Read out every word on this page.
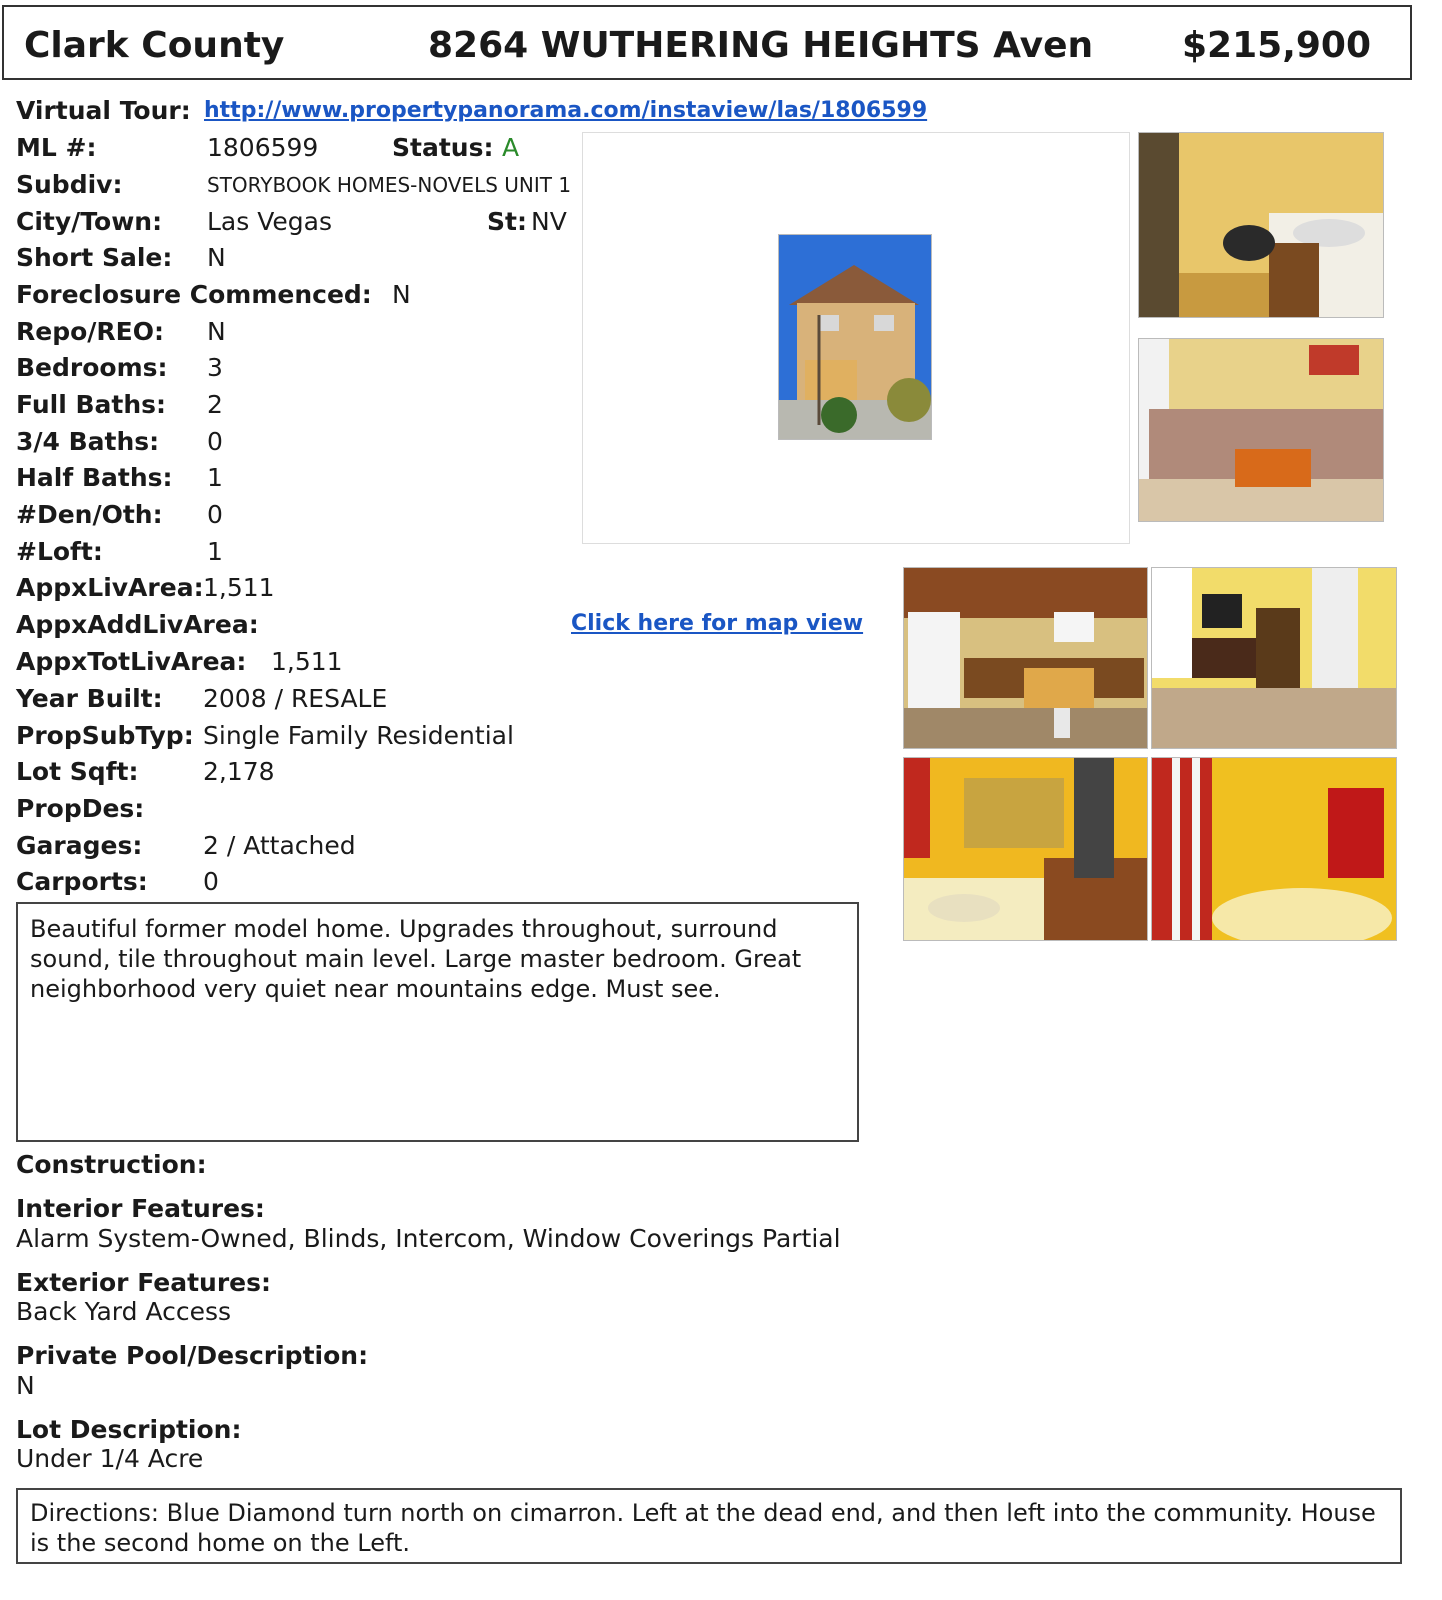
Clark County	8264 WUTHERING HEIGHTS Aven $215,900
Virtual Tour: http://www.propertypanorama.com/instaview/las/1806599
ML #:	1806599	Status: A
Subdiv:	STORYBOOK HOMES-NOVELS UNIT 1
City/Town: Las Vegas	St: NV
Short Sale: N
Foreclosure Commenced: N
Repo/REO: N
Bedrooms: 3
Full Baths: 2
3/4 Baths: 0
Half Baths: 1
#Den/Oth: 0
#Loft:	1
AppxLivArea: 1,511
AppxAddLivArea:	Click here for map view
AppxTotLivArea: 1,511
Year Built: 2008 / RESALE
PropSubTyp: Single Family Residential
Lot Sqft:	2,178
PropDes:
Garages: 2 / Attached
Carports: 0
Beautiful former model home. Upgrades throughout, surround sound, tile throughout main level. Large master bedroom. Great neighborhood very quiet near mountains edge. Must see.
Construction:
Interior Features:
Alarm System-Owned, Blinds, Intercom, Window Coverings Partial
Exterior Features:
Back Yard Access
Private Pool/Description:
N
Lot Description:
Under 1/4 Acre
Directions: Blue Diamond turn north on cimarron. Left at the dead end, and then left into the community. House is the second home on the Left.
